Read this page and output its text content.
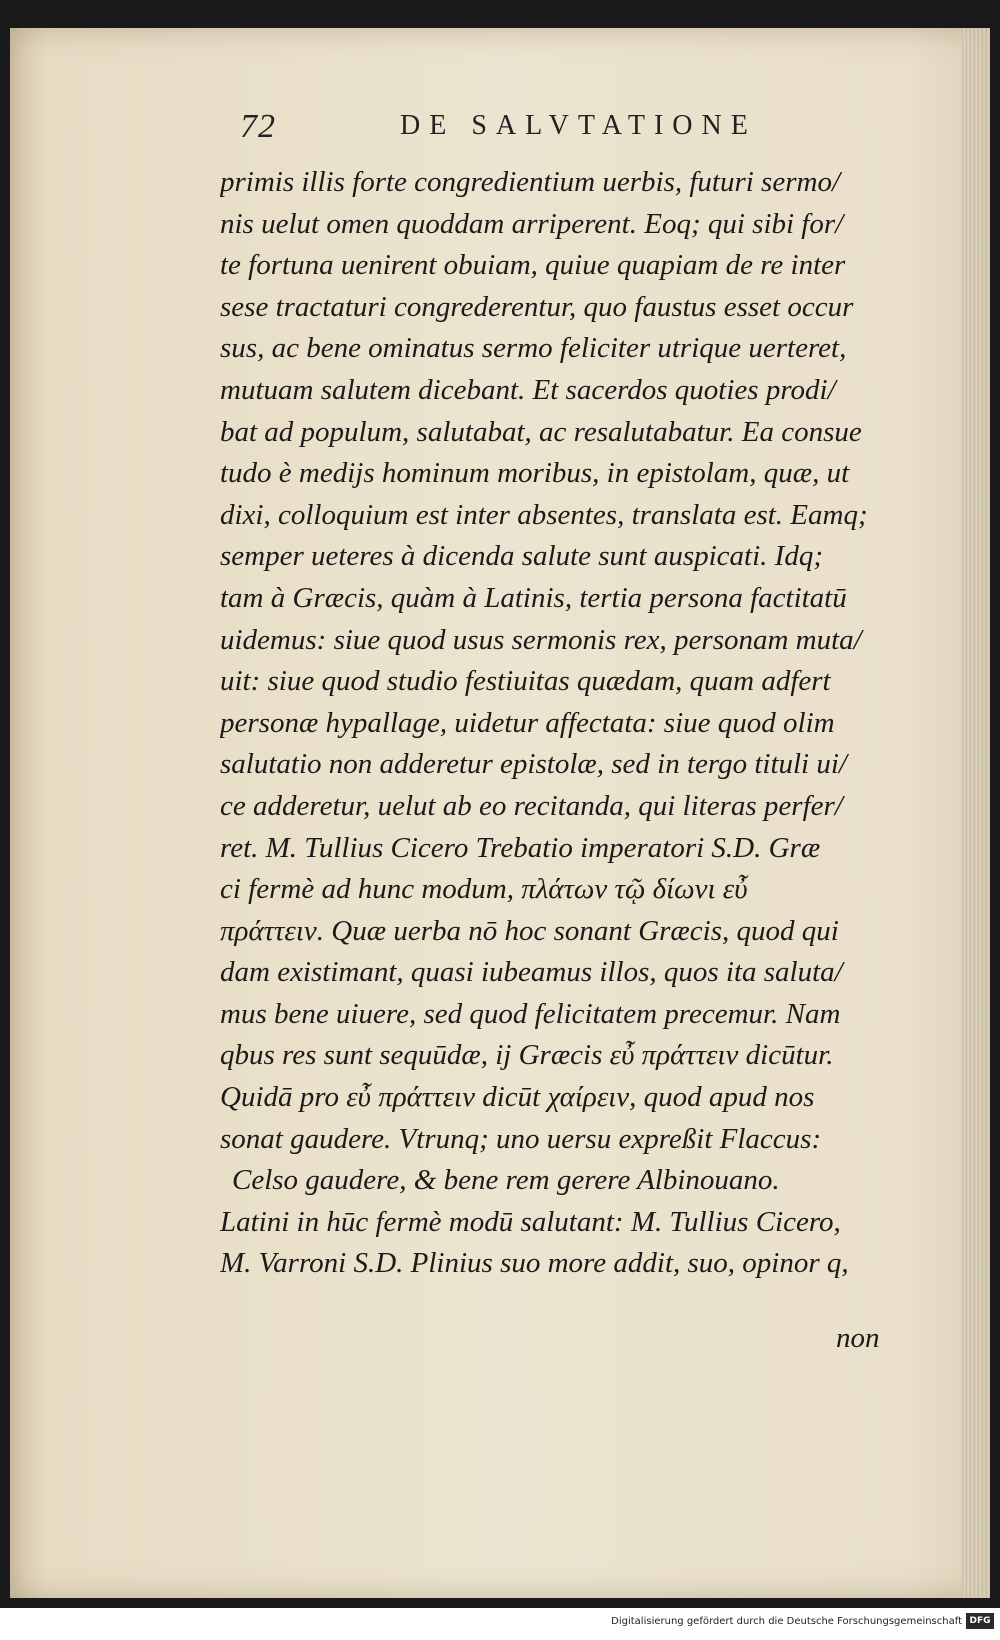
72	DE SALVTATIONE
primis illis forte congredientium uerbis, futuri sermo/
nis uelut omen quoddam arriperent. Eoq; qui sibi for/
te fortuna uenirent obuiam, quiue quapiam de re inter
sese tractaturi congrederentur, quo faustus esset occur
sus, ac bene ominatus sermo feliciter utrique uerteret,
mutuam salutem dicebant. Et sacerdos quoties prodi/
bat ad populum, salutabat, ac resalutabatur. Ea consue
tudo è medijs hominum moribus, in epistolam, quæ, ut
dixi, colloquium est inter absentes, translata est. Eamq;
semper ueteres à dicenda salute sunt auspicati. Idq;
tam à Græcis, quàm à Latinis, tertia persona factitatū
uidemus: siue quod usus sermonis rex, personam muta/
uit: siue quod studio festiuitas quædam, quam adfert
personæ hypallage, uidetur affectata: siue quod olim
salutatio non adderetur epistolæ, sed in tergo tituli ui/
ce adderetur, uelut ab eo recitanda, qui literas perfer/
ret. M. Tullius Cicero Trebatio imperatori S.D. Græ
ci fermè ad hunc modum, πλάτων τῷ δίωνι εὖ
πράττειν. Quæ uerba nō hoc sonant Græcis, quod qui
dam existimant, quasi iubeamus illos, quos ita saluta/
mus bene uiuere, sed quod felicitatem precemur. Nam
qbus res sunt sequūdæ, ij Græcis εὖ πράττειν dicūtur.
Quidā pro εὖ πράττειν dicūt χαίρειν, quod apud nos
sonat gaudere. Vtrunq; uno uersu expreßit Flaccus:
Celso gaudere, & bene rem gerere Albinouano.
Latini in hūc fermè modū salutant: M. Tullius Cicero,
M. Varroni S.D. Plinius suo more addit, suo, opinor q,
non
Digitalisierung gefördert durch die Deutsche Forschungsgemeinschaft DFG
